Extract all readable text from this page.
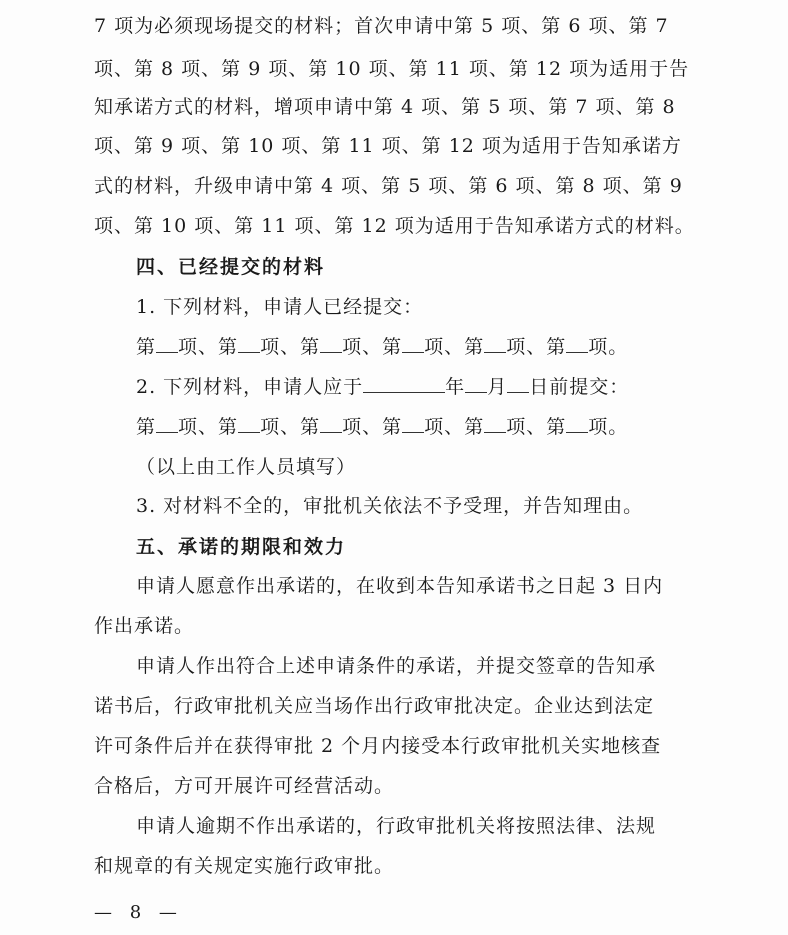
7 项为必须现场提交的材料；首次申请中第 5 项、第 6 项、第 7
项、第 8 项、第 9 项、第 10 项、第 11 项、第 12 项为适用于告
知承诺方式的材料，增项申请中第 4 项、第 5 项、第 7 项、第 8
项、第 9 项、第 10 项、第 11 项、第 12 项为适用于告知承诺方
式的材料，升级申请中第 4 项、第 5 项、第 6 项、第 8 项、第 9
项、第 10 项、第 11 项、第 12 项为适用于告知承诺方式的材料。
四、已经提交的材料
1. 下列材料，申请人已经提交：
第 项、第 项、第 项、第 项、第 项、第 项。
2. 下列材料，申请人应于	年 月 日前提交：
第 项、第 项、第 项、第 项、第 项、第 项。
（以上由工作人员填写）
3. 对材料不全的，审批机关依法不予受理，并告知理由。
五、承诺的期限和效力
申请人愿意作出承诺的，在收到本告知承诺书之日起 3 日内
作出承诺。
申请人作出符合上述申请条件的承诺，并提交签章的告知承
诺书后，行政审批机关应当场作出行政审批决定。企业达到法定
许可条件后并在获得审批 2 个月内接受本行政审批机关实地核查
合格后，方可开展许可经营活动。
申请人逾期不作出承诺的，行政审批机关将按照法律、法规
和规章的有关规定实施行政审批。
— 8 —
